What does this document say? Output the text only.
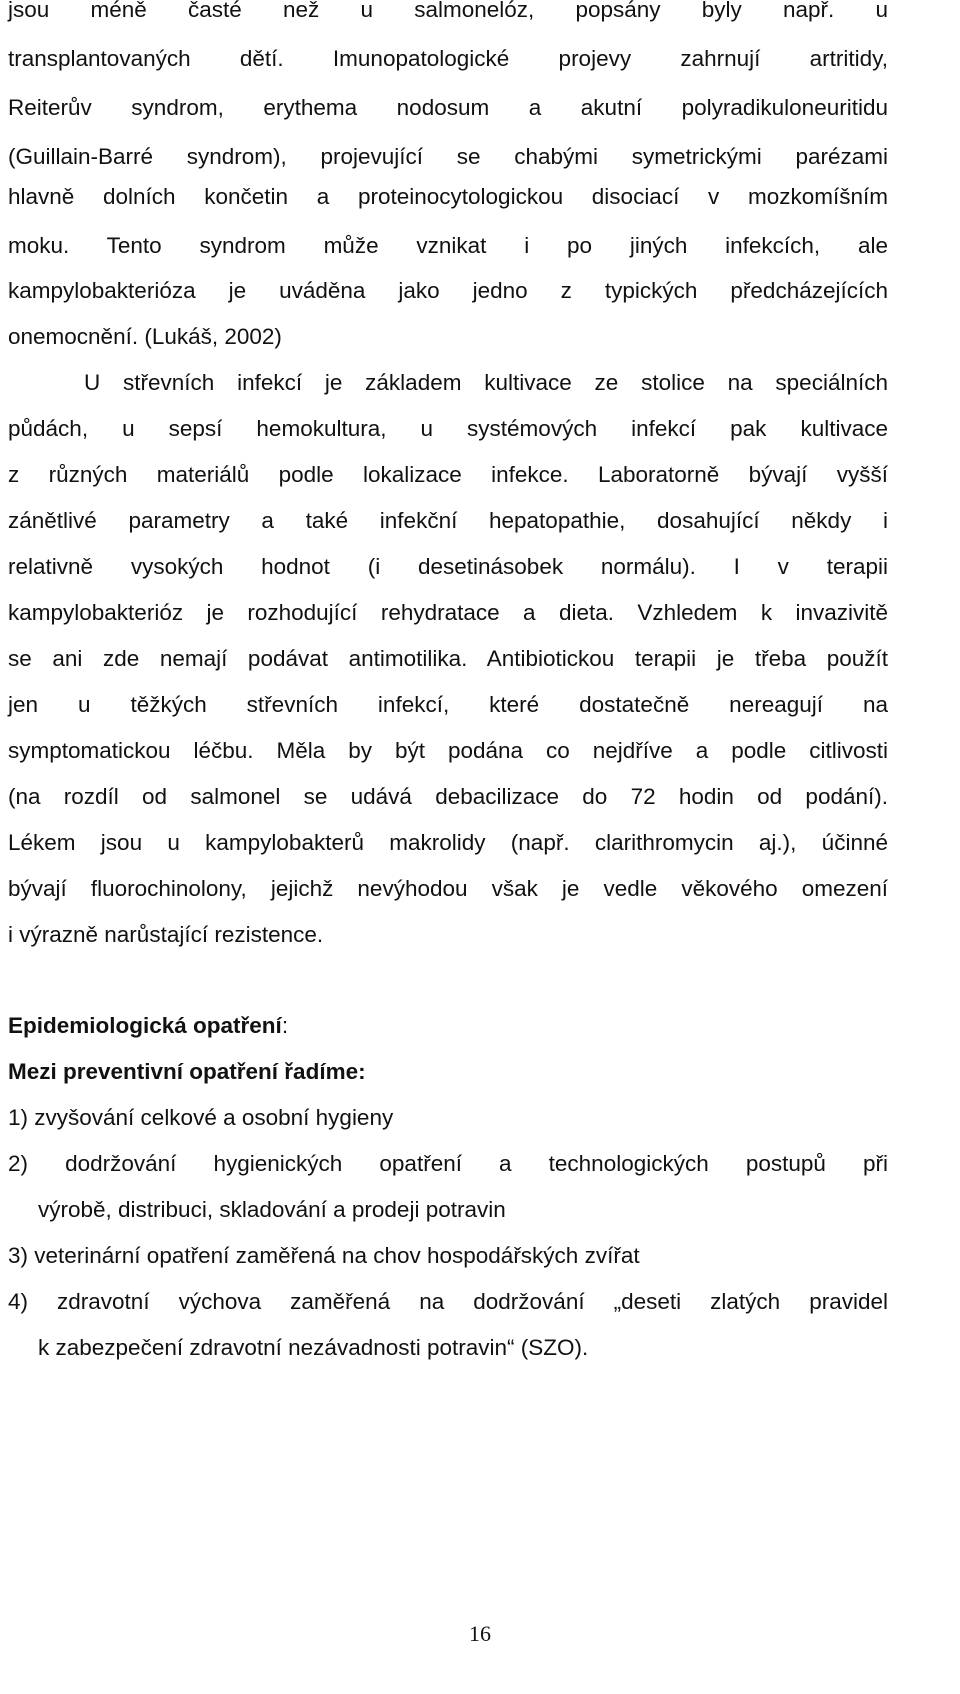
jsou méně časté než u salmonelóz, popsány byly např. u
transplantovaných dětí. Imunopatologické projevy zahrnují artritidy,
Reiterův syndrom, erythema nodosum a akutní polyradikuloneuritidu
(Guillain-Barré syndrom), projevující se chabými symetrickými parézami
hlavně dolních končetin a proteinocytologickou disociací v mozkomíšním
moku. Tento syndrom může vznikat i po jiných infekcích, ale
kampylobakterióza je uváděna jako jedno z typických předcházejících
onemocnění. (Lukáš, 2002)
U střevních infekcí je základem kultivace ze stolice na speciálních
půdách, u sepsí hemokultura, u systémových infekcí pak kultivace
z různých materiálů podle lokalizace infekce. Laboratorně bývají vyšší
zánětlivé parametry a také infekční hepatopathie, dosahující někdy i
relativně vysokých hodnot (i desetinásobek normálu). I v terapii
kampylobakterióz je rozhodující rehydratace a dieta. Vzhledem k invazivitě
se ani zde nemají podávat antimotilika. Antibiotickou terapii je třeba použít
jen u těžkých střevních infekcí, které dostatečně nereagují na
symptomatickou léčbu. Měla by být podána co nejdříve a podle citlivosti
(na rozdíl od salmonel se udává debacilizace do 72 hodin od podání).
Lékem jsou u kampylobakterů makrolidy (např. clarithromycin aj.), účinné
bývají fluorochinolony, jejichž nevýhodou však je vedle věkového omezení
i výrazně narůstající rezistence.
Epidemiologická opatření:
Mezi preventivní opatření řadíme:
1) zvyšování celkové a osobní hygieny
2) dodržování hygienických opatření a technologických postupů při
výrobě, distribuci, skladování a prodeji potravin
3) veterinární opatření zaměřená na chov hospodářských zvířat
4) zdravotní výchova zaměřená na dodržování „deseti zlatých pravidel
k zabezpečení zdravotní nezávadnosti potravin“ (SZO).
16
